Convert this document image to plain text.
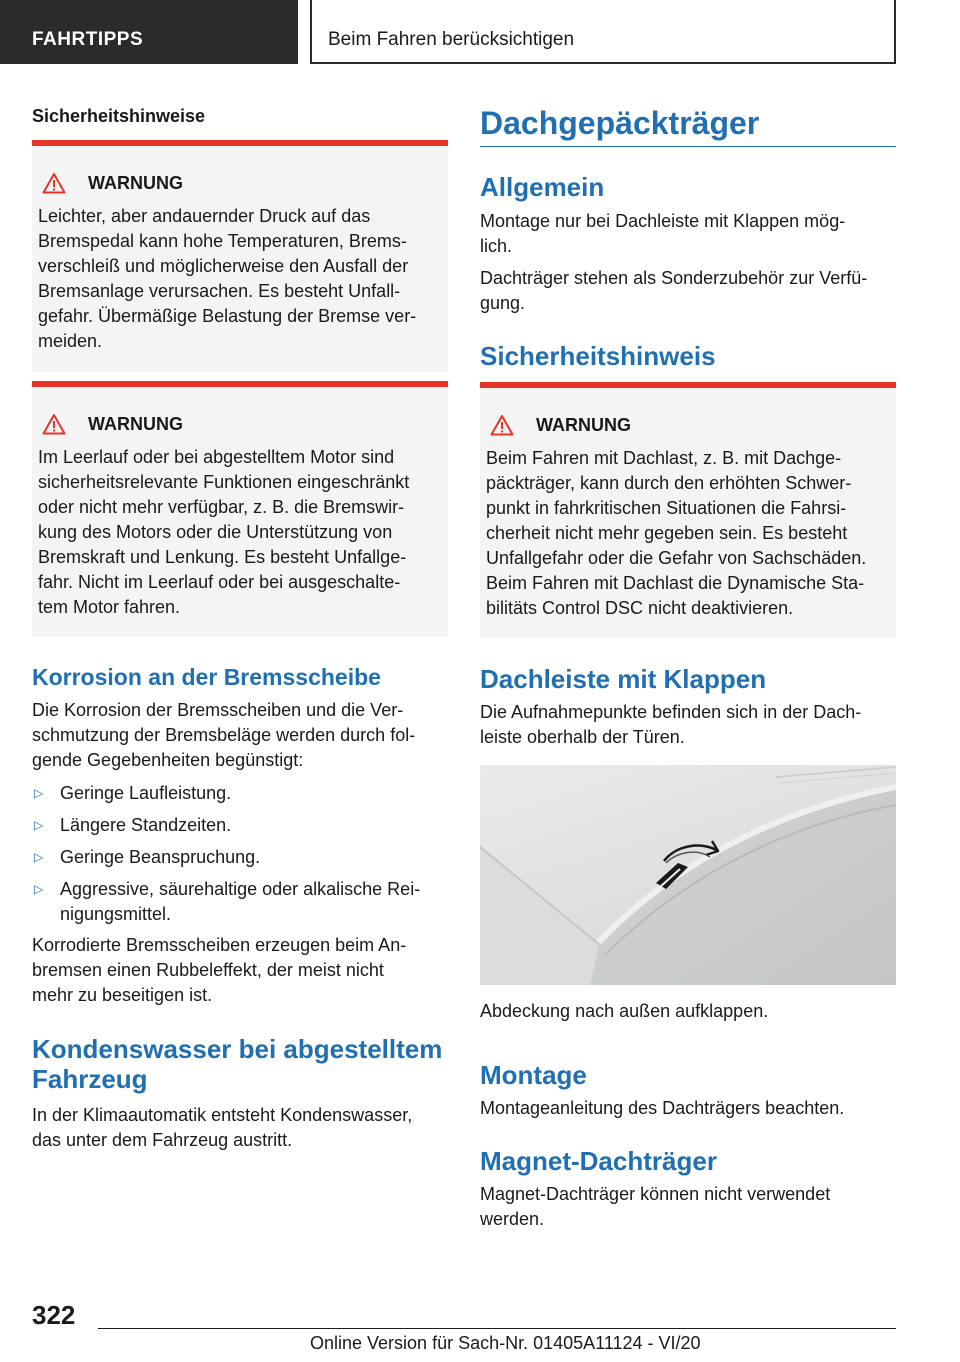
FAHRTIPPS	Beim Fahren berücksichtigen
Sicherheitshinweise
WARNUNG
Leichter, aber andauernder Druck auf das
Bremspedal kann hohe Temperaturen, Brems-
verschleiß und möglicherweise den Ausfall der
Bremsanlage verursachen. Es besteht Unfall-
gefahr. Übermäßige Belastung der Bremse ver-
meiden.
WARNUNG
Im Leerlauf oder bei abgestelltem Motor sind
sicherheitsrelevante Funktionen eingeschränkt
oder nicht mehr verfügbar, z. B. die Bremswir-
kung des Motors oder die Unterstützung von
Bremskraft und Lenkung. Es besteht Unfallge-
fahr. Nicht im Leerlauf oder bei ausgeschalte-
tem Motor fahren.
Korrosion an der Bremsscheibe
Die Korrosion der Bremsscheiben und die Ver-
schmutzung der Bremsbeläge werden durch fol-
gende Gegebenheiten begünstigt:
▷ Geringe Laufleistung.
▷ Längere Standzeiten.
▷ Geringe Beanspruchung.
▷ Aggressive, säurehaltige oder alkalische Rei-
nigungsmittel.
Korrodierte Bremsscheiben erzeugen beim An-
bremsen einen Rubbeleffekt, der meist nicht
mehr zu beseitigen ist.
Kondenswasser bei abgestelltem
Fahrzeug
In der Klimaautomatik entsteht Kondenswasser,
das unter dem Fahrzeug austritt.
Dachgepäckträger
Allgemein
Montage nur bei Dachleiste mit Klappen mög-
lich.
Dachträger stehen als Sonderzubehör zur Verfü-
gung.
Sicherheitshinweis
WARNUNG
Beim Fahren mit Dachlast, z. B. mit Dachge-
päckträger, kann durch den erhöhten Schwer-
punkt in fahrkritischen Situationen die Fahrsi-
cherheit nicht mehr gegeben sein. Es besteht
Unfallgefahr oder die Gefahr von Sachschäden.
Beim Fahren mit Dachlast die Dynamische Sta-
bilitäts Control DSC nicht deaktivieren.
Dachleiste mit Klappen
Die Aufnahmepunkte befinden sich in der Dach-
leiste oberhalb der Türen.
Abdeckung nach außen aufklappen.
Montage
Montageanleitung des Dachträgers beachten.
Magnet-Dachträger
Magnet-Dachträger können nicht verwendet
werden.
322
Online Version für Sach-Nr. 01405A11124 - VI/20
